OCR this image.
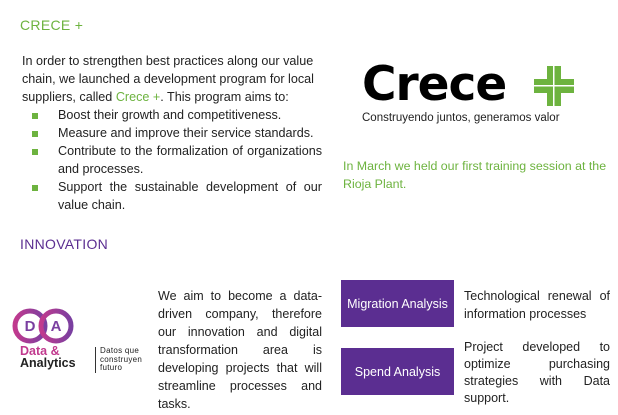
CRECE +
In order to strengthen best practices along our value chain, we launched a development program for local suppliers, called Crece +. This program aims to:
Boost their growth and competitiveness.
Measure and improve their service standards.
Contribute to the formalization of organizations and processes.
Support the sustainable development of our value chain.
Crece
Construyendo juntos, generamos valor
In March we held our first training session at the Rioja Plant.
INNOVATION
D A
Data &
Analytics
Datos que
construyen
futuro
We aim to become a data-driven company, therefore our innovation and digital transformation area is developing projects that will streamline processes and tasks.
Migration Analysis
Technological renewal of information processes
Spend Analysis
Project developed to optimize purchasing strategies with Data support.
